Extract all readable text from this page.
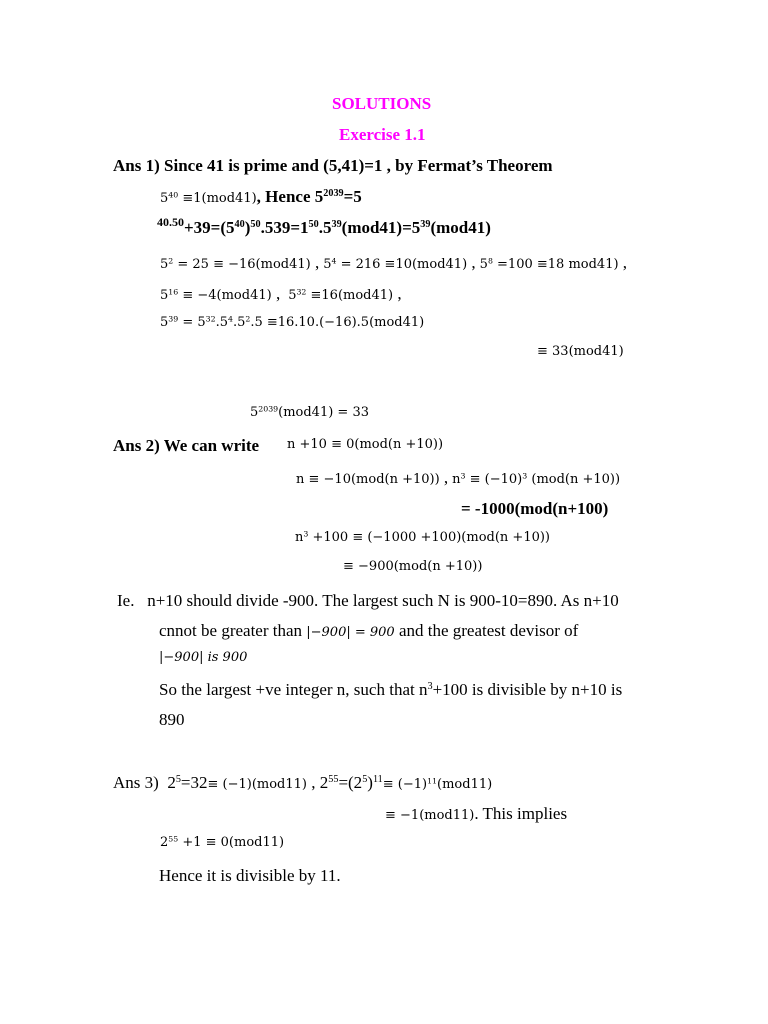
SOLUTIONS
Exercise 1.1
Ans 1) Since 41 is prime and (5,41)=1 , by Fermat’s Theorem
$5^{40} \equiv 1(mod41)$, Hence $5^{2039}=5$
$^{40.50}+39=(5^{40})^{50}.539=1^{50}.5^{39}(mod41)=5^{39}(mod41)$
$5^2 = 25 \equiv -16(mod41)$ , $5^4 = 216 \equiv 10(mod41)$ , $5^8 =100 \equiv 18$ mod41) ,
$5^{16} \equiv -4(mod41)$ , $5^{32} \equiv 16(mod41)$ ,
$5^{39} = 5^{32}.5^4.5^2.5 \equiv 16.10.(-16).5(mod41)$
≡ 33(mod41)
$5^{2039}(mod41) = 33$
Ans 2) We can write n +10 ≡ 0(mod(n +10))
n ≡ −10(mod(n +10)) , $n^3 \equiv (-10)^3$ (mod(n +10))
= -1000(mod(n+100)
$n^3 +100 \equiv (-1000 +100)(mod(n +10))$
≡ −900(mod(n +10))
Ie. n+10 should divide -900. The largest such N is 900-10=890. As n+10
cnnot be greater than |−900| = 900 and the greatest devisor of
|−900| is 900
So the largest +ve integer n, such that $n^3+100$ is divisible by n+10 is
890
Ans 3) $2^5=32\equiv (-1)(mod11)$ , $2^{55}=(2^5)^{11}\equiv (-1)^{11}(mod11)$
≡ −1(mod11). This implies
$2^{55} +1 \equiv 0(mod11)$
Hence it is divisible by 11.
